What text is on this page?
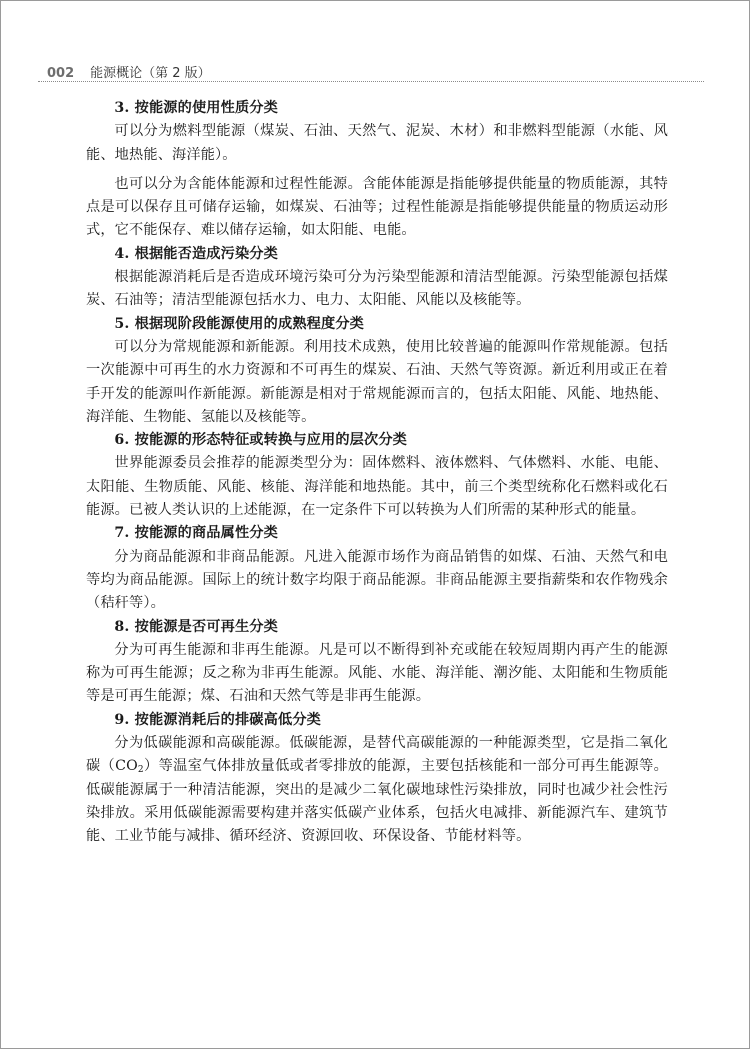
002 能源概论（第 2 版）
3. 按能源的使用性质分类

可以分为燃料型能源（煤炭、石油、天然气、泥炭、木材）和非燃料型能源（水能、风能、地热能、海洋能）。

也可以分为含能体能源和过程性能源。含能体能源是指能够提供能量的物质能源，其特点是可以保存且可储存运输，如煤炭、石油等；过程性能源是指能够提供能量的物质运动形式，它不能保存、难以储存运输，如太阳能、电能。

4. 根据能否造成污染分类

根据能源消耗后是否造成环境污染可分为污染型能源和清洁型能源。污染型能源包括煤炭、石油等；清洁型能源包括水力、电力、太阳能、风能以及核能等。

5. 根据现阶段能源使用的成熟程度分类

可以分为常规能源和新能源。利用技术成熟，使用比较普遍的能源叫作常规能源。包括一次能源中可再生的水力资源和不可再生的煤炭、石油、天然气等资源。新近利用或正在着手开发的能源叫作新能源。新能源是相对于常规能源而言的，包括太阳能、风能、地热能、海洋能、生物能、氢能以及核能等。

6. 按能源的形态特征或转换与应用的层次分类

世界能源委员会推荐的能源类型分为：固体燃料、液体燃料、气体燃料、水能、电能、太阳能、生物质能、风能、核能、海洋能和地热能。其中，前三个类型统称化石燃料或化石能源。已被人类认识的上述能源，在一定条件下可以转换为人们所需的某种形式的能量。

7. 按能源的商品属性分类

分为商品能源和非商品能源。凡进入能源市场作为商品销售的如煤、石油、天然气和电等均为商品能源。国际上的统计数字均限于商品能源。非商品能源主要指薪柴和农作物残余（秸秆等）。

8. 按能源是否可再生分类

分为可再生能源和非再生能源。凡是可以不断得到补充或能在较短周期内再产生的能源称为可再生能源；反之称为非再生能源。风能、水能、海洋能、潮汐能、太阳能和生物质能等是可再生能源；煤、石油和天然气等是非再生能源。

9. 按能源消耗后的排碳高低分类

分为低碳能源和高碳能源。低碳能源，是替代高碳能源的一种能源类型，它是指二氧化碳$(CO_2)$等温室气体排放量低或者零排放的能源，主要包括核能和一部分可再生能源等。低碳能源属于一种清洁能源，突出的是减少二氧化碳地球性污染排放，同时也减少社会性污染排放。采用低碳能源需要构建并落实低碳产业体系，包括火电减排、新能源汽车、建筑节能、工业节能与减排、循环经济、资源回收、环保设备、节能材料等。
